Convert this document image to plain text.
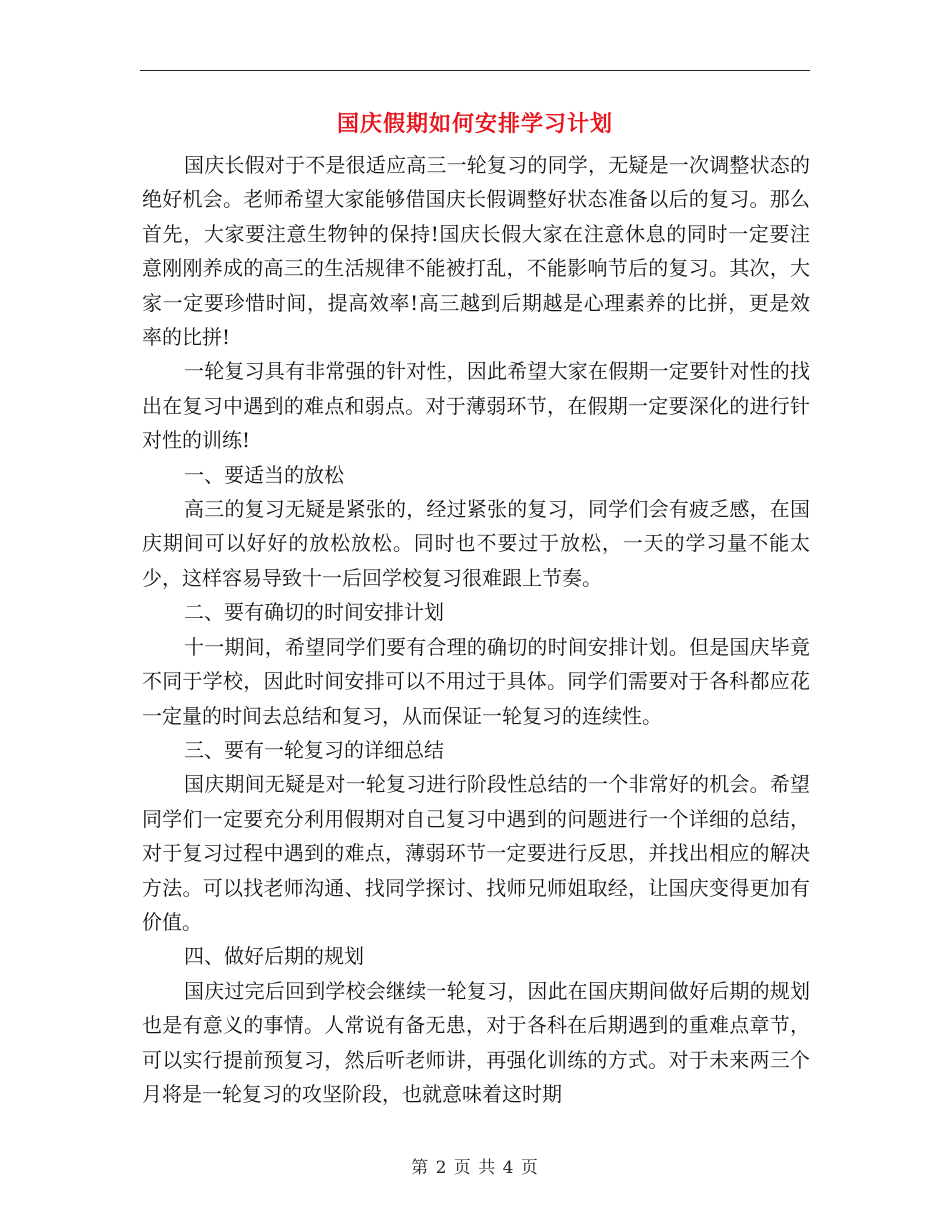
国庆假期如何安排学习计划

国庆长假对于不是很适应高三一轮复习的同学，无疑是一次调整状态的绝好机会。老师希望大家能够借国庆长假调整好状态准备以后的复习。那么首先，大家要注意生物钟的保持!国庆长假大家在注意休息的同时一定要注意刚刚养成的高三的生活规律不能被打乱，不能影响节后的复习。其次，大家一定要珍惜时间，提高效率!高三越到后期越是心理素养的比拼，更是效率的比拼!

一轮复习具有非常强的针对性，因此希望大家在假期一定要针对性的找出在复习中遇到的难点和弱点。对于薄弱环节，在假期一定要深化的进行针对性的训练!

一、要适当的放松

高三的复习无疑是紧张的，经过紧张的复习，同学们会有疲乏感，在国庆期间可以好好的放松放松。同时也不要过于放松，一天的学习量不能太少，这样容易导致十一后回学校复习很难跟上节奏。

二、要有确切的时间安排计划

十一期间，希望同学们要有合理的确切的时间安排计划。但是国庆毕竟不同于学校，因此时间安排可以不用过于具体。同学们需要对于各科都应花一定量的时间去总结和复习，从而保证一轮复习的连续性。

三、要有一轮复习的详细总结

国庆期间无疑是对一轮复习进行阶段性总结的一个非常好的机会。希望同学们一定要充分利用假期对自己复习中遇到的问题进行一个详细的总结，对于复习过程中遇到的难点，薄弱环节一定要进行反思，并找出相应的解决方法。可以找老师沟通、找同学探讨、找师兄师姐取经，让国庆变得更加有价值。

四、做好后期的规划

国庆过完后回到学校会继续一轮复习，因此在国庆期间做好后期的规划也是有意义的事情。人常说有备无患，对于各科在后期遇到的重难点章节，可以实行提前预复习，然后听老师讲，再强化训练的方式。对于未来两三个月将是一轮复习的攻坚阶段，也就意味着这时期

第 2 页 共 4 页
